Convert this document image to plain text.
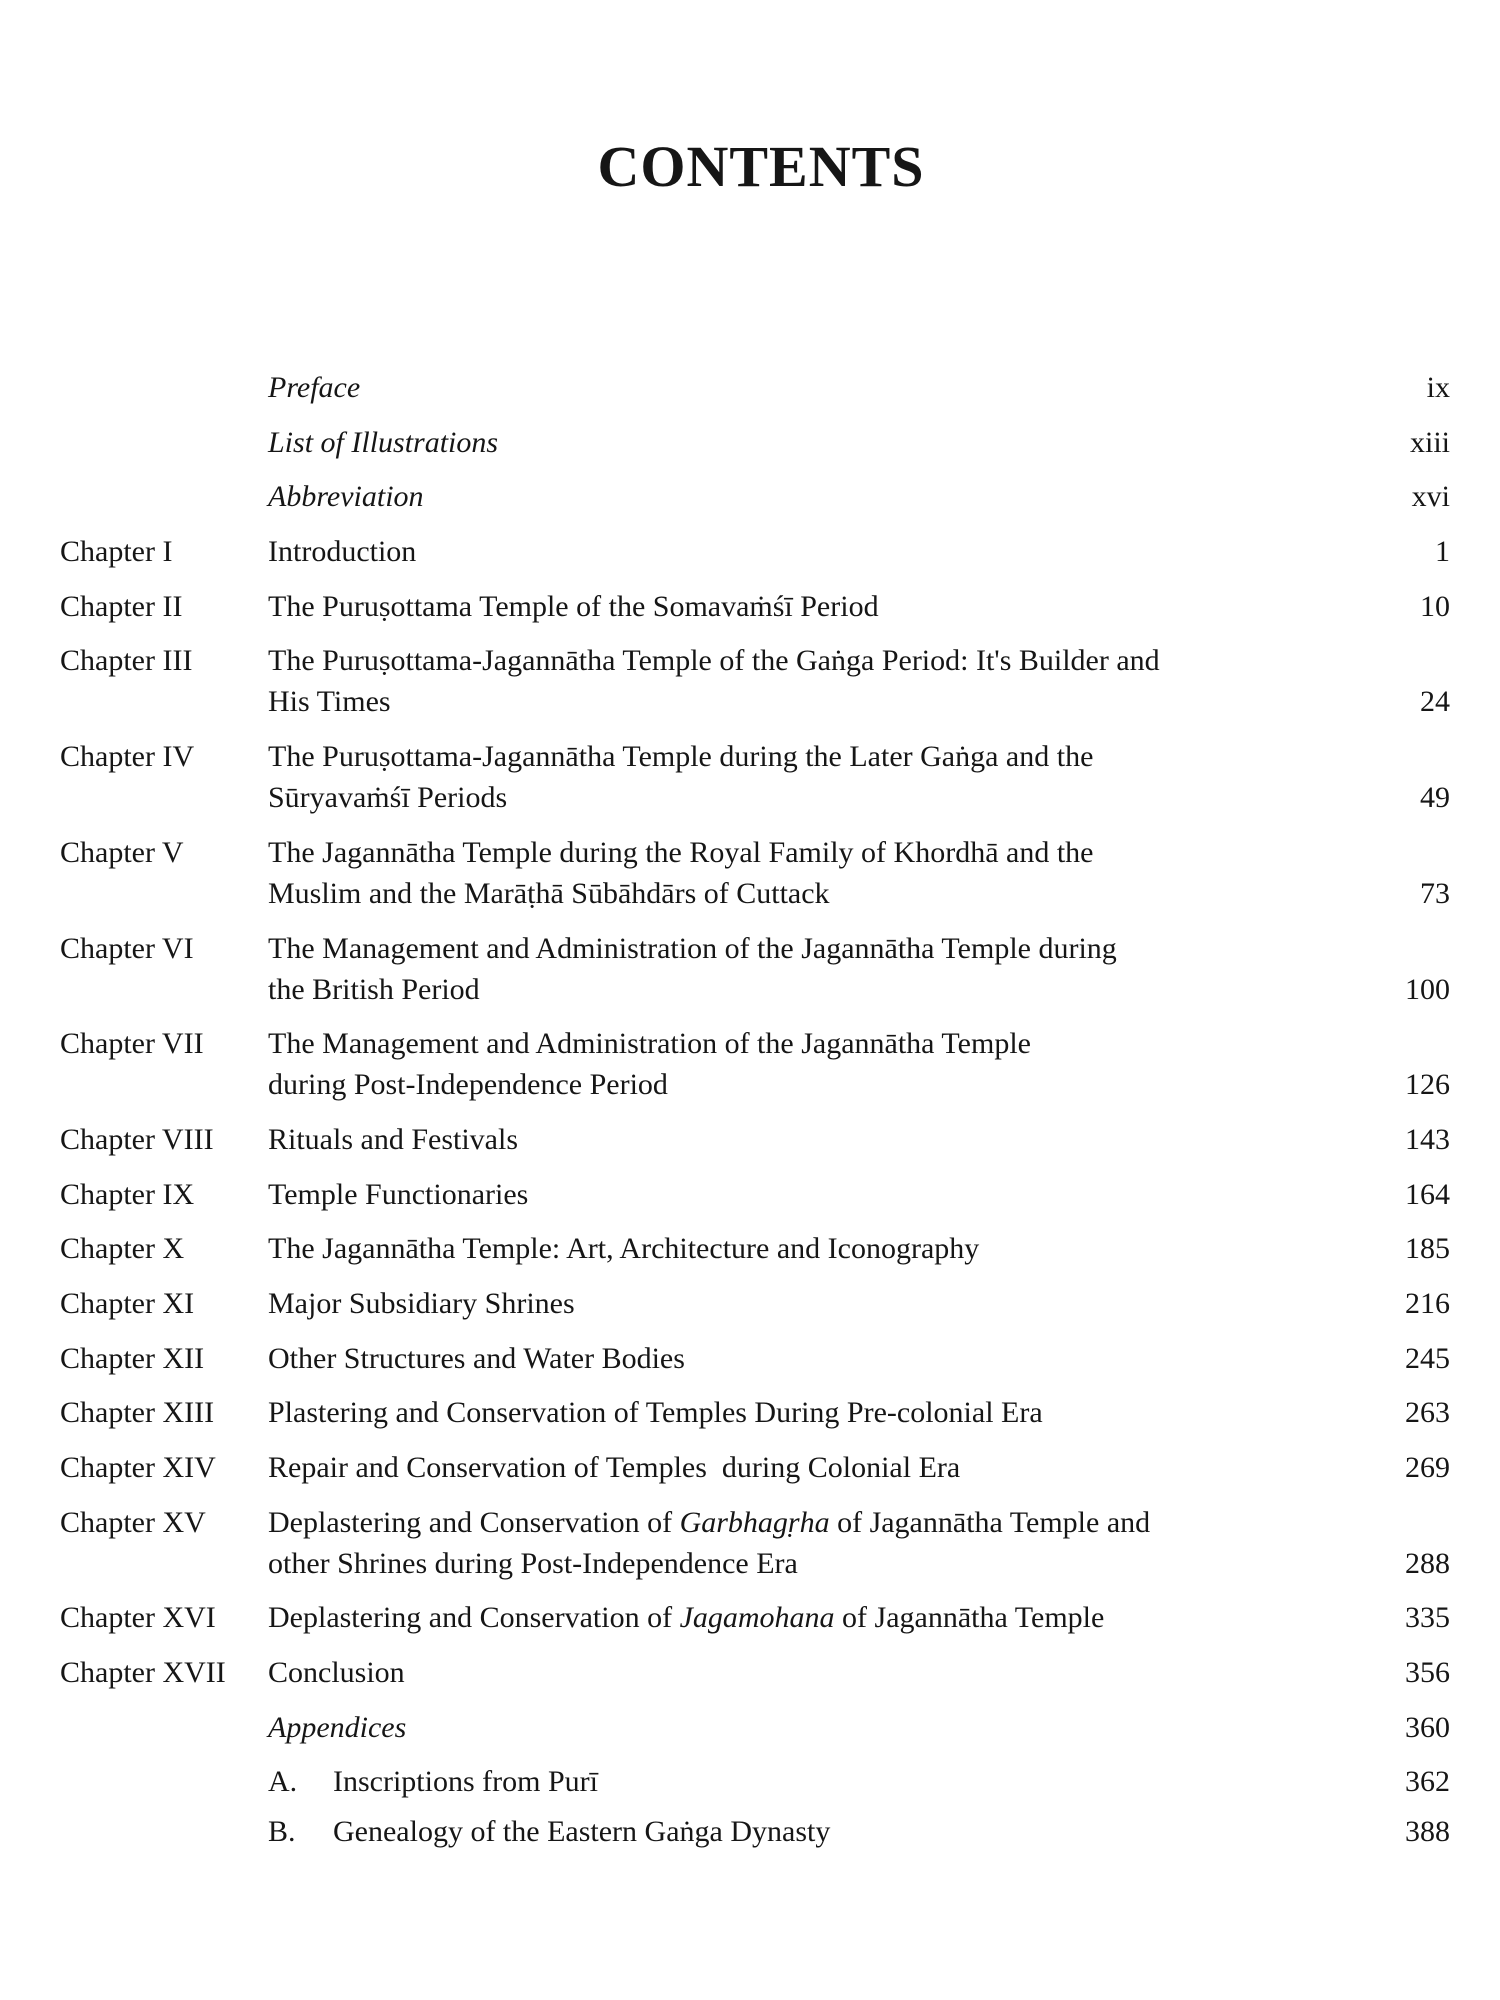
CONTENTS
Preface	ix
List of Illustrations	xiii
Abbreviation	xvi
Chapter I	Introduction	1
Chapter II	The Puruṣottama Temple of the Somavaṁśī Period	10
Chapter III	The Puruṣottama-Jagannātha Temple of the Gaṅga Period: It's Builder and
His Times	24
Chapter IV	The Puruṣottama-Jagannātha Temple during the Later Gaṅga and the
Sūryavaṁśī Periods	49
Chapter V	The Jagannātha Temple during the Royal Family of Khordhā and the
Muslim and the Marāṭhā Sūbāhdārs of Cuttack	73
Chapter VI	The Management and Administration of the Jagannātha Temple during
the British Period	100
Chapter VII	The Management and Administration of the Jagannātha Temple
during Post-Independence Period	126
Chapter VIII	Rituals and Festivals	143
Chapter IX	Temple Functionaries	164
Chapter X	The Jagannātha Temple: Art, Architecture and Iconography	185
Chapter XI	Major Subsidiary Shrines	216
Chapter XII	Other Structures and Water Bodies	245
Chapter XIII	Plastering and Conservation of Temples During Pre-colonial Era	263
Chapter XIV	Repair and Conservation of Temples  during Colonial Era	269
Chapter XV	Deplastering and Conservation of Garbhagṛha of Jagannātha Temple and
other Shrines during Post-Independence Era	288
Chapter XVI	Deplastering and Conservation of Jagamohana of Jagannātha Temple	335
Chapter XVII	Conclusion	356
Appendices	360
A.	Inscriptions from Purī	362
B.	Genealogy of the Eastern Gaṅga Dynasty	388
